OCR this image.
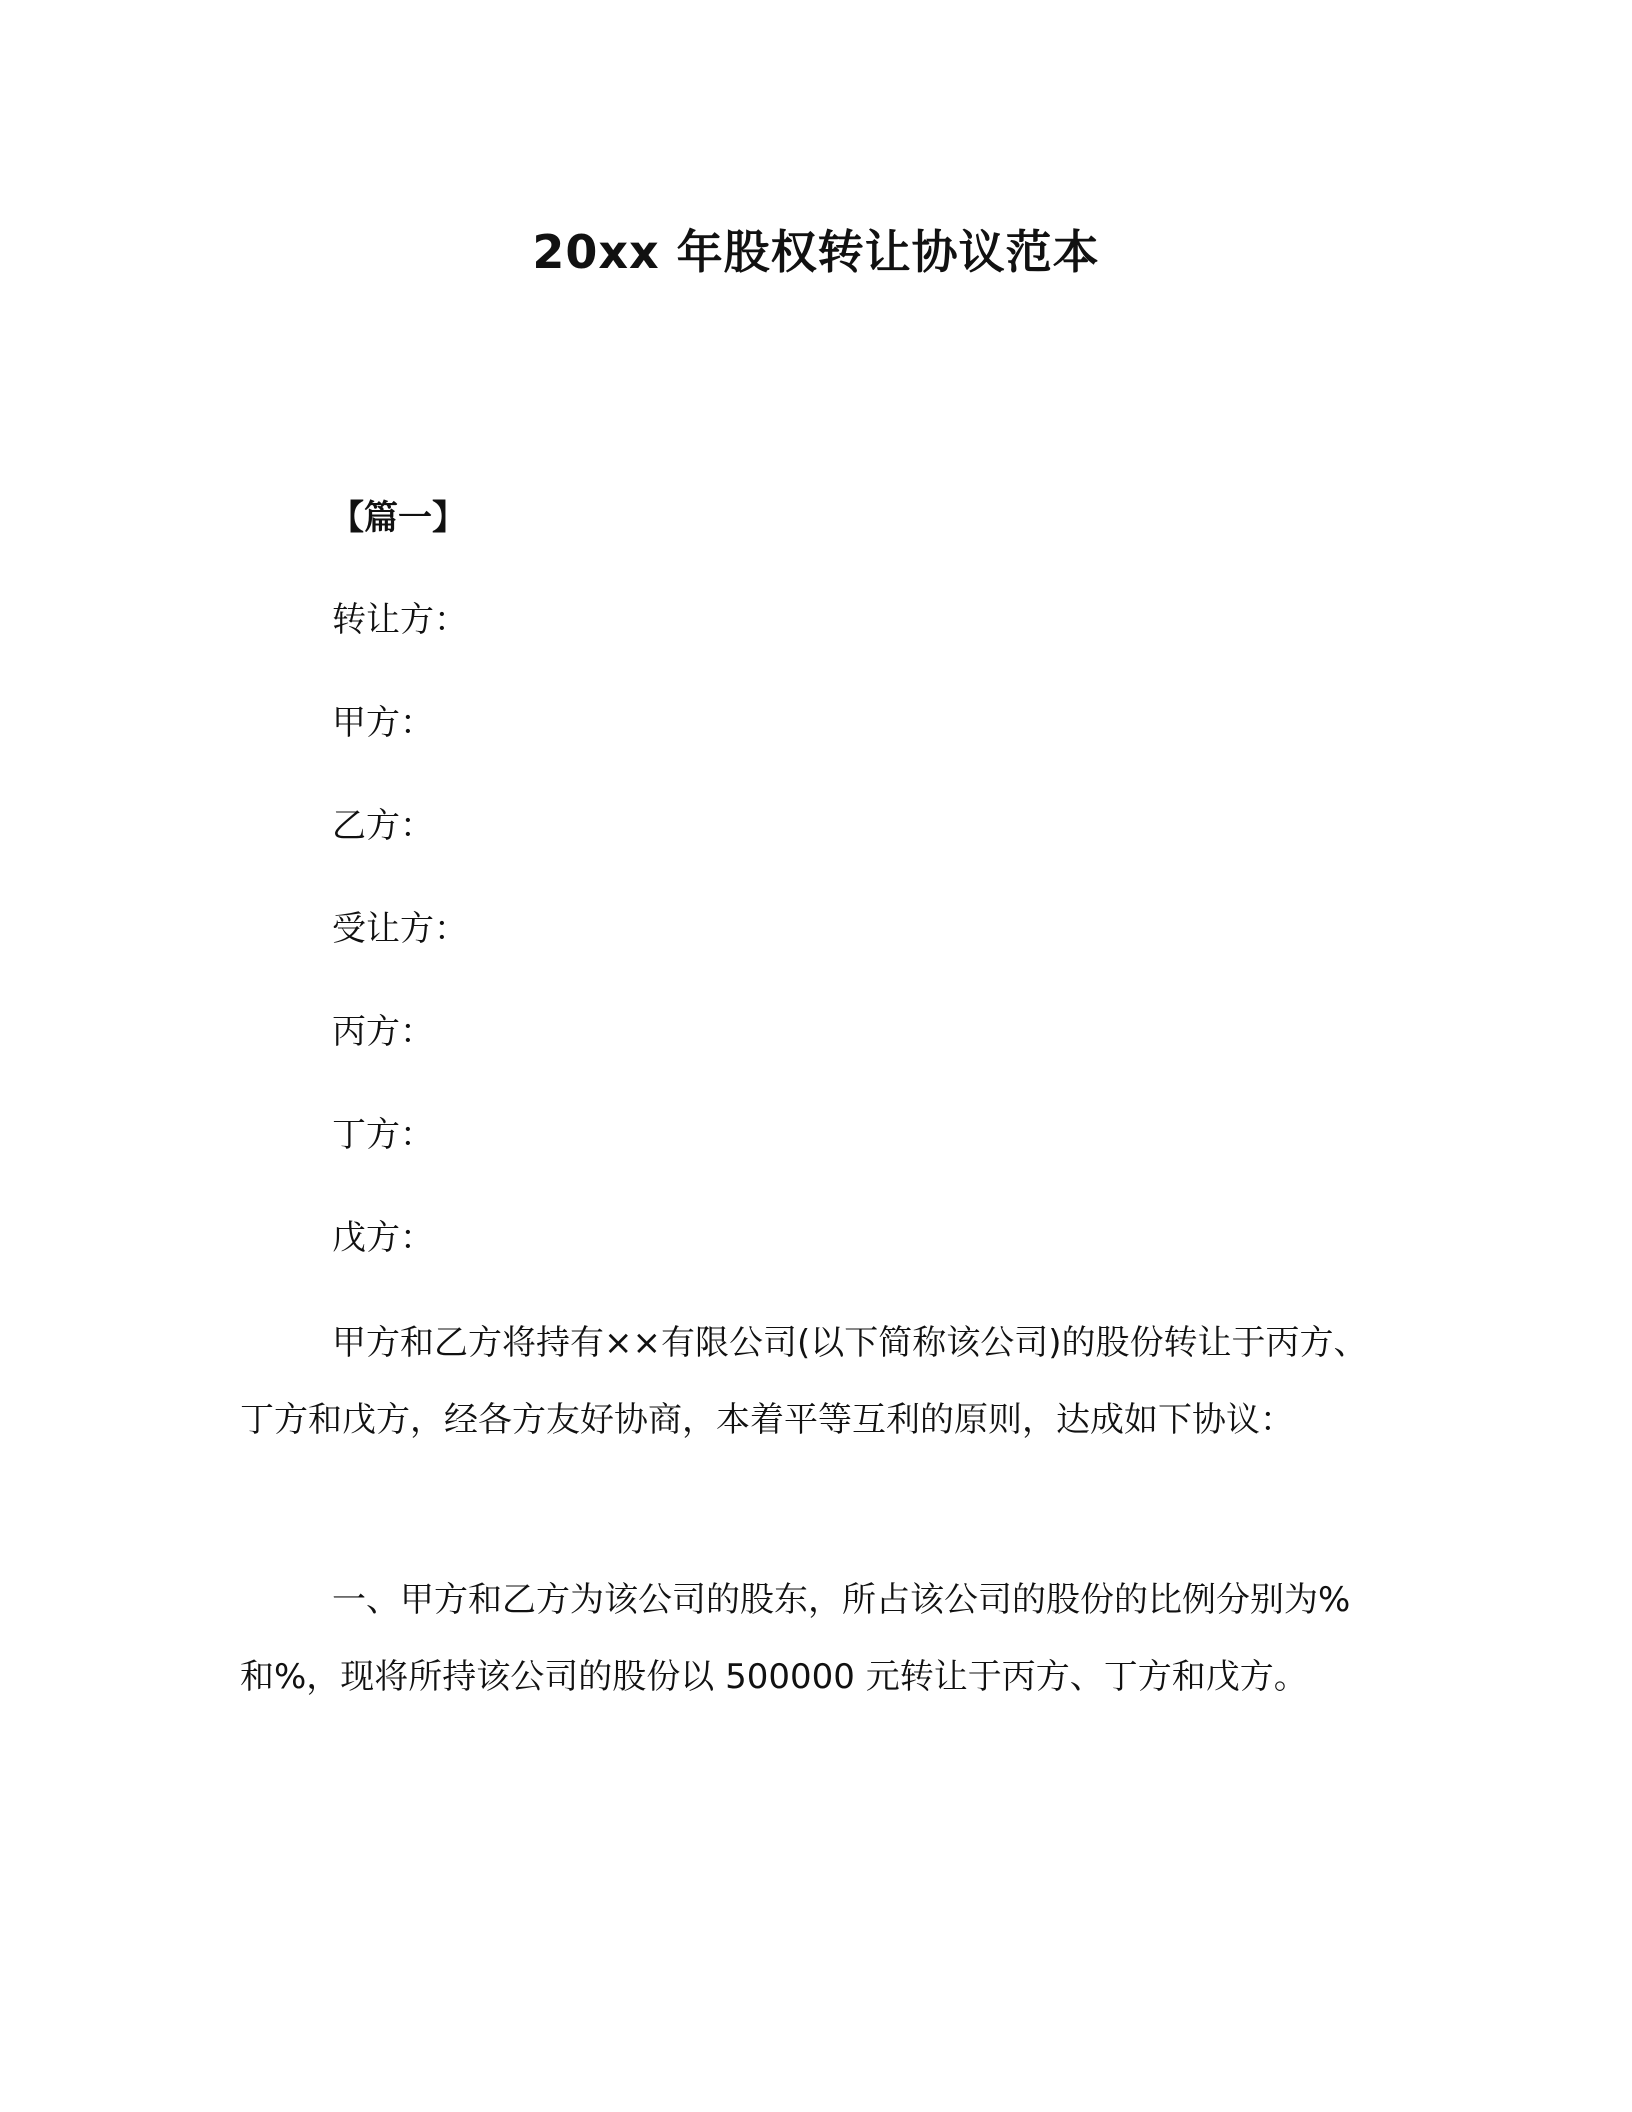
20xx 年股权转让协议范本
【篇一】
转让方：
甲方：
乙方：
受让方：
丙方：
丁方：
戊方：
甲方和乙方将持有××有限公司(以下简称该公司)的股份转让于丙方、丁方和戊方，经各方友好协商，本着平等互利的原则，达成如下协议：
一、甲方和乙方为该公司的股东，所占该公司的股份的比例分别为%和%，现将所持该公司的股份以 500000 元转让于丙方、丁方和戊方。
